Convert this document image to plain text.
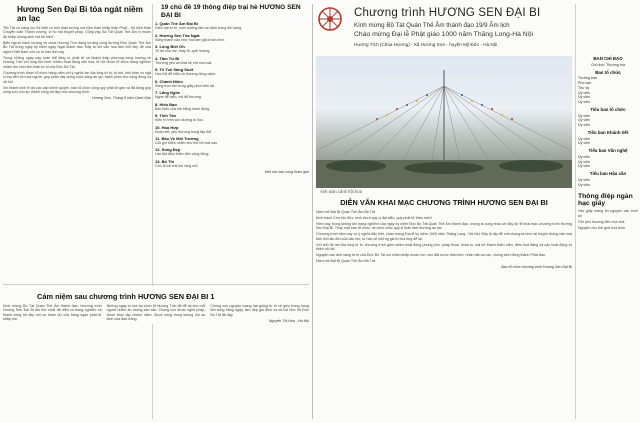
Hương Sen Đại Bi tỏa ngát niềm an lạc

"Bồ Tát có năng lực thị hiện ra bốn thân tướng mà hiện thân khắp thân Phật... thị hiện thân Chuyển luân Thánh vương, vì họ mà thuyết pháp. Cũng vậy, Bồ Tát Quán Thế Âm vì muốn độ khắp chúng sinh mà thị hiện".

Biển người hành hương về chùa Hương Tích dâng hương cúng dường Đức Quán Thế Âm Bồ Tát trong ngày kỷ niệm ngày Ngài thành đạo. Đây là nét văn hóa tâm linh đẹp đẽ của người Việt Nam vốn có từ bao đời nay.

Trong những ngày này, toàn thể tăng ni, phật tử và khách thập phương cùng hướng về Hương Tích với lòng tôn kính. Nhiều hoạt động văn hóa, lễ hội được tổ chức trang nghiêm nhằm tôn vinh tinh thần từ bi của Đức Bồ Tát.

Chương trình được tổ chức hàng năm với ý nghĩa lan tỏa lòng từ bi, trí tuệ, tinh thần vô ngã vị tha đến với mọi người, góp phần xây dựng cuộc sống an lạc, hạnh phúc cho cộng đồng và xã hội.

Xin thành kính tri ân các cấp chính quyền, ban tổ chức cùng quý phật tử gần xa đã đóng góp công sức cho sự thành công tốt đẹp của chương trình.

Hương Sơn, Tháng 9 năm Canh Dần
19 chủ đề 19 thông điệp trại hè HƯƠNG SEN ĐẠI BI
1. Quán Thế Âm Đại Bi
Gieo hạt từ bi, nuôi dưỡng tâm an lành trong đời sống.
2. Hương Sen Tỏa Ngát
Sống thanh cao như hoa sen giữa bùn nhơ.
3. Lòng Biết Ơn
Tri ân cha mẹ, thầy tổ, quê hương.
4. Tâm Từ Bi
Thương yêu và chia sẻ với mọi loài.
5. Trí Tuệ Sáng Suốt
Học hỏi để hiểu và thương đúng cách.
6. Chánh Niệm
Sống trọn vẹn từng giây phút hiện tại.
7. Lắng Nghe
Nghe để hiểu, nói để thương.
8. Hiếu Đạo
Báo hiếu cha mẹ bằng hành động.
9. Tinh Tấn
Kiên trì trên con đường tu học.
10. Hòa Hợp
Đoàn kết, yêu thương trong tập thể.
11. Bảo Vệ Môi Trường
Giữ gìn thiên nhiên cho thế hệ mai sau.
12. Sống Đẹp
Lan tỏa điều thiện đến cộng đồng.
13. Bố Thí
Cho đi với trái tim rộng mở.
Mời các bạn cùng tham gia!
Cảm niệm sau chương trình HƯƠNG SEN ĐẠI BI 1

Kính mừng Bồ Tát Quán Thế Âm thành đạo, chương trình Hương Sen Đại Bi lần thứ nhất đã diễn ra trang nghiêm và thành công tốt đẹp với sự tham dự của hàng ngàn phật tử khắp nơi.

Những ngày tu học tại chốn tổ Hương Tích đã để lại cho mỗi người nhiều ấn tượng sâu sắc. Chúng con được nghe pháp, được thực tập chánh niệm, được sống trong không khí an lành của đạo tràng.

Chúng con nguyện mang hạt giống từ bi về gieo trồng trong đời sống hằng ngày, làm đẹp gia đình và xã hội như lời Đức Bồ Tát đã dạy.

Nguyễn Thị Hoa - Hà Nội
Chương trình HƯƠNG SEN ĐẠI BI
Kính mừng Bồ Tát Quán Thế Âm thành đạo 19/9 Âm lịch
Chào mừng Đại lễ Phật giáo 1000 năm Thăng Long-Hà Nội
Hương Tích (Chùa Hương) - Xã Hương Sơn - huyện Mỹ Đức - Hà Nội
Ảnh toàn cảnh hội hoa
DIỄN VĂN KHAI MẠC CHƯƠNG TRÌNH HƯƠNG SEN ĐẠI BI

Nam mô Đại Bi Quán Thế Âm Bồ Tát

Kính bạch Chư tôn đức, kính thưa quý vị đại biểu, quý phật tử thân mến!

Hôm nay, trong không khí trang nghiêm của ngày kỷ niệm Đức Bồ Tát Quán Thế Âm thành đạo, chúng ta cùng nhau về đây dự lễ khai mạc chương trình Hương Sen Đại Bi. Thay mặt ban tổ chức, xin kính chúc quý vị thân tâm thường an lạc.

Chương trình năm nay có ý nghĩa đặc biệt, chào mừng Đại lễ kỷ niệm 1000 năm Thăng Long - Hà Nội. Đây là dịp để mỗi chúng ta nhìn lại truyền thống văn hóa tâm linh lâu đời của dân tộc, tự hào về những giá trị cha ông để lại.

Với chủ đề lan tỏa lòng từ bi, chương trình gồm nhiều hoạt động phong phú: pháp thoại, khóa tu, trại hè thanh thiếu niên, đêm hoa đăng và các hoạt động từ thiện xã hội.

Nguyện cầu ánh sáng từ bi của Đức Bồ Tát soi chiếu khắp muôn nơi, cho đất nước thái bình, nhân dân an lạc, chúng sinh đồng thành Phật đạo.

Nam mô Đại Bi Quán Thế Âm Bồ Tát.

Ban tổ chức chương trình Hương Sen Đại Bi
BAN CHỈ ĐẠO
Chủ tịch: Thượng tọa
Ban tổ chức
Trưởng ban
Phó ban
Thư ký
Ủy viên
Ủy viên
Ủy viên
Tiểu ban tổ chức
Ủy viên
Ủy viên
Ủy viên
Tiểu ban Khánh tiết
Ủy viên
Ủy viên
Tiểu ban Văn nghệ
Ủy viên
Ủy viên
Ủy viên
Tiểu ban Hậu cần
Ủy viên
Ủy viên
Thông điệp ngàn hạc giấy

Hạc giấy mang lời nguyện cầu bình an

Gửi yêu thương đến mọi nhà

Nguyện cho thế giới hòa bình
